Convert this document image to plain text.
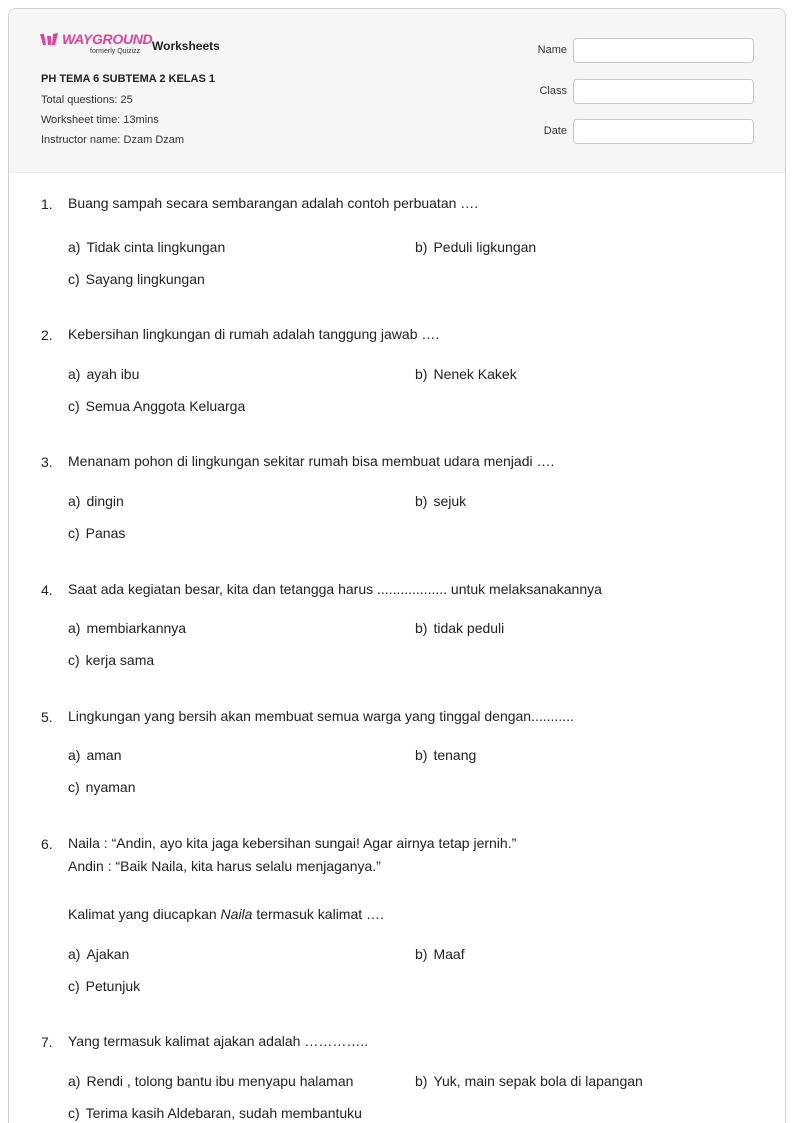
WAYGROUND
formerly Quizizz Worksheets
PH TEMA 6 SUBTEMA 2 KELAS 1
Total questions: 25
Worksheet time: 13mins
Instructor name: Dzam Dzam
Name
Class
Date
1. Buang sampah secara sembarangan adalah contoh perbuatan ….
a) Tidak cinta lingkungan	b) Peduli ligkungan
c) Sayang lingkungan
2. Kebersihan lingkungan di rumah adalah tanggung jawab ….
a) ayah ibu	b) Nenek Kakek
c) Semua Anggota Keluarga
3. Menanam pohon di lingkungan sekitar rumah bisa membuat udara menjadi ….
a) dingin	b) sejuk
c) Panas
4. Saat ada kegiatan besar, kita dan tetangga harus .................. untuk melaksanakannya
a) membiarkannya	b) tidak peduli
c) kerja sama
5. Lingkungan yang bersih akan membuat semua warga yang tinggal dengan...........
a) aman	b) tenang
c) nyaman
6. Naila : “Andin, ayo kita jaga kebersihan sungai! Agar airnya tetap jernih.”
Andin : “Baik Naila, kita harus selalu menjaganya.”
Kalimat yang diucapkan Naila termasuk kalimat ….
a) Ajakan	b) Maaf
c) Petunjuk
7. Yang termasuk kalimat ajakan adalah …………..
a) Rendi , tolong bantu ibu menyapu halaman	b) Yuk, main sepak bola di lapangan
c) Terima kasih Aldebaran, sudah membantuku
